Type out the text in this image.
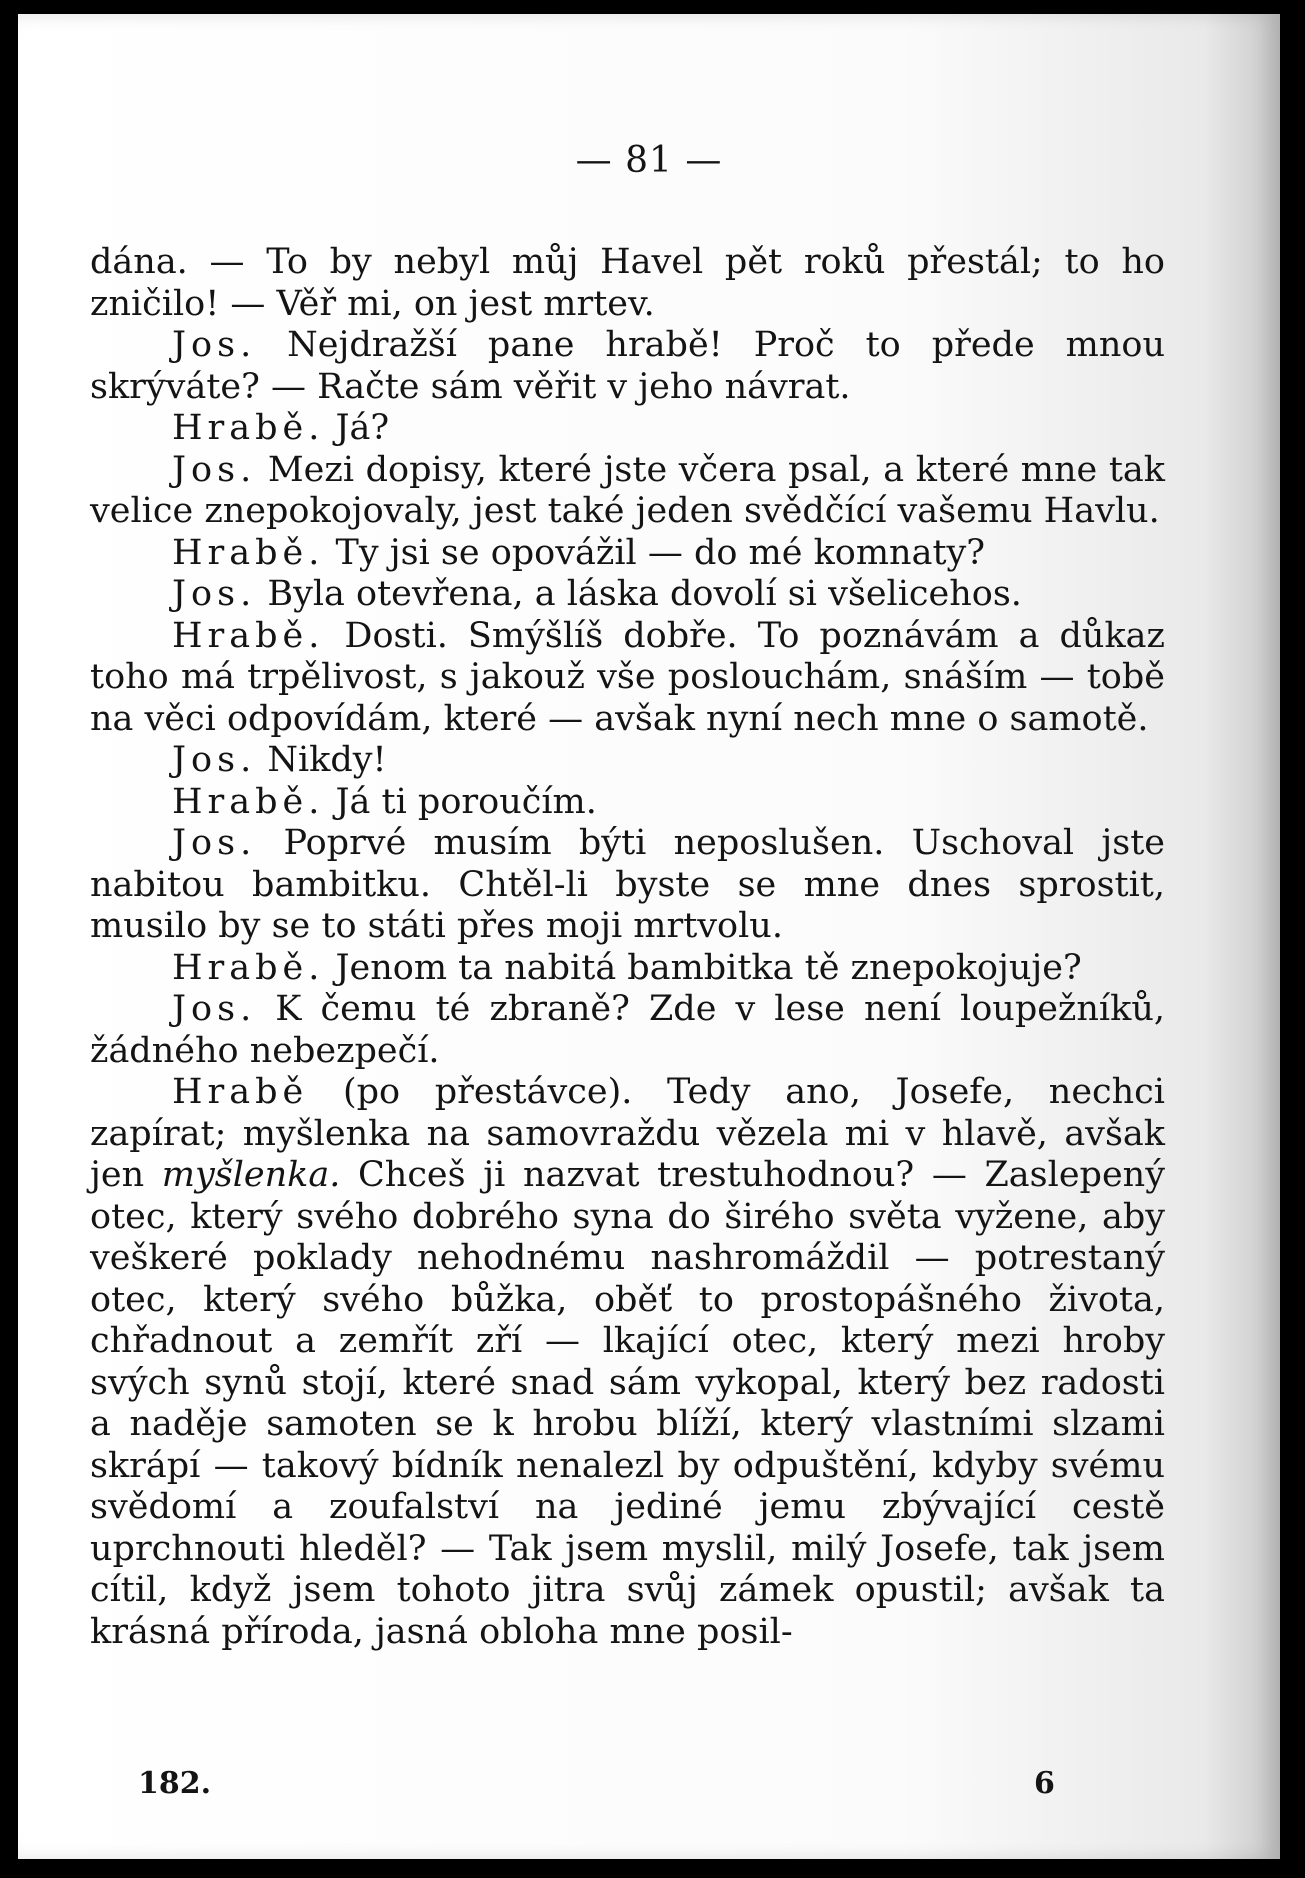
— 81 —

dána. — To by nebyl můj Havel pět roků přestál; to ho zničilo! — Věř mi, on jest mrtev.

Jos. Nejdražší pane hrabě! Proč to přede mnou skrýváte? — Račte sám věřit v jeho návrat.

Hrabě. Já?

Jos. Mezi dopisy, které jste včera psal, a které mne tak velice znepokojovaly, jest také jeden svědčící vašemu Havlu.

Hrabě. Ty jsi se opovážil — do mé komnaty?

Jos. Byla otevřena, a láska dovolí si všelicehos.

Hrabě. Dosti. Smýšlíš dobře. To poznávám a důkaz toho má trpělivost, s jakouž vše poslouchám, snáším — tobě na věci odpovídám, které — avšak nyní nech mne o samotě.

Jos. Nikdy!

Hrabě. Já ti poroučím.

Jos. Poprvé musím býti neposlušen. Uschoval jste nabitou bambitku. Chtěl-li byste se mne dnes sprostit, musilo by se to státi přes moji mrtvolu.

Hrabě. Jenom ta nabitá bambitka tě znepokojuje?

Jos. K čemu té zbraně? Zde v lese není loupežníků, žádného nebezpečí.

Hrabě (po přestávce). Tedy ano, Josefe, nechci zapírat; myšlenka na samovraždu vězela mi v hlavě, avšak jen myšlenka. Chceš ji nazvat trestuhodnou? — Zaslepený otec, který svého dobrého syna do širého světa vyžene, aby veškeré poklady nehodnému nashromáždil — potrestaný otec, který svého bůžka, oběť to prostopášného života, chřadnout a zemřít zří — lkající otec, který mezi hroby svých synů stojí, které snad sám vykopal, který bez radosti a naděje samoten se k hrobu blíží, který vlastními slzami skrápí — takový bídník nenalezl by odpuštění, kdyby svému svědomí a zoufalství na jediné jemu zbývající cestě uprchnouti hleděl? — Tak jsem myslil, milý Josefe, tak jsem cítil, když jsem tohoto jitra svůj zámek opustil; avšak ta krásná příroda, jasná obloha mne posil-

182.	6
